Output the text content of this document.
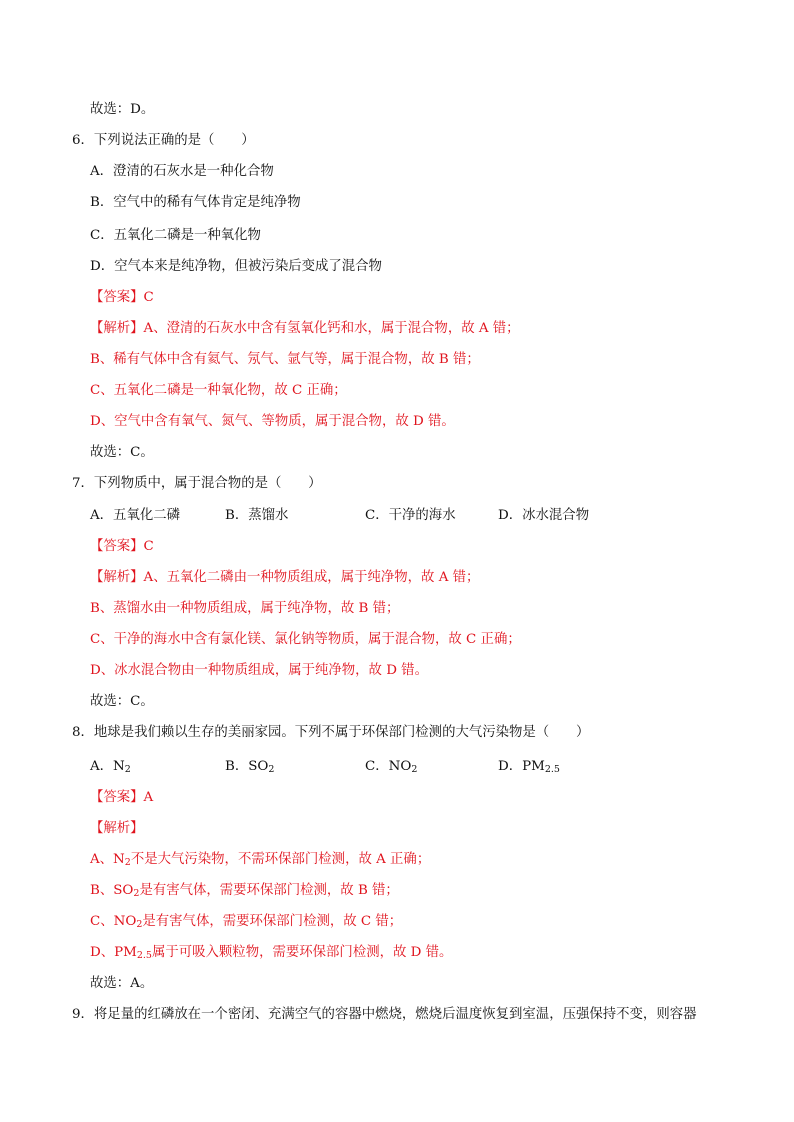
故选：D。
6．下列说法正确的是（　　）
A．澄清的石灰水是一种化合物
B．空气中的稀有气体肯定是纯净物
C．五氧化二磷是一种氧化物
D．空气本来是纯净物，但被污染后变成了混合物
【答案】C
【解析】A、澄清的石灰水中含有氢氧化钙和水，属于混合物，故 A 错；
B、稀有气体中含有氦气、氖气、氩气等，属于混合物，故 B 错；
C、五氧化二磷是一种氧化物，故 C 正确；
D、空气中含有氧气、氮气、等物质，属于混合物，故 D 错。
故选：C。
7．下列物质中，属于混合物的是（　　）
A．五氧化二磷	B．蒸馏水	C．干净的海水	D．冰水混合物
【答案】C
【解析】A、五氧化二磷由一种物质组成，属于纯净物，故 A 错；
B、蒸馏水由一种物质组成，属于纯净物，故 B 错；
C、干净的海水中含有氯化镁、氯化钠等物质，属于混合物，故 C 正确；
D、冰水混合物由一种物质组成，属于纯净物，故 D 错。
故选：C。
8．地球是我们赖以生存的美丽家园。下列不属于环保部门检测的大气污染物是（　　）
A．$N_2$	B．$SO_2$	C．$NO_2$	D．$PM_{2.5}$
【答案】A
【解析】
A、$N_2$不是大气污染物，不需环保部门检测，故 A 正确；
B、$SO_2$是有害气体，需要环保部门检测，故 B 错；
C、$NO_2$是有害气体，需要环保部门检测，故 C 错；
D、$PM_{2.5}$属于可吸入颗粒物，需要环保部门检测，故 D 错。
故选：A。
9．将足量的红磷放在一个密闭、充满空气的容器中燃烧，燃烧后温度恢复到室温，压强保持不变，则容器
